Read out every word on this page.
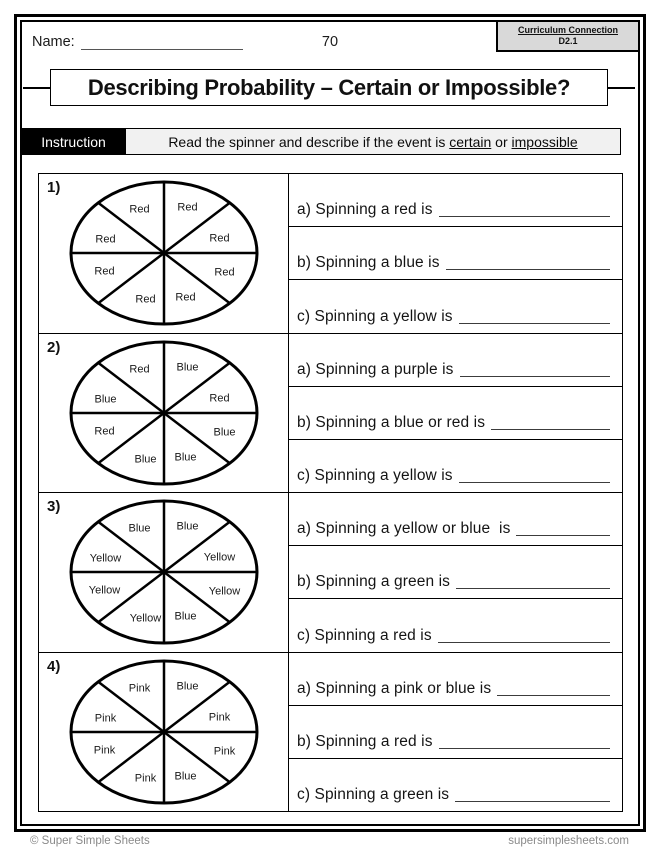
Name:	70
Curriculum Connection
D2.1
Describing Probability – Certain or Impossible?
Instruction	Read the spinner and describe if the event is certain or impossible
1)
Red	Red
Red	Red
Red	Red
Red Red
a) Spinning a red is
b) Spinning a blue is
c) Spinning a yellow is
2)
Red Blue
Blue	Red
Red	Blue
Blue Blue
a) Spinning a purple is
b) Spinning a blue or red is
c) Spinning a yellow is
3)
Blue Blue
Yellow	Yellow
Yellow	Yellow
Yellow Blue
a) Spinning a yellow or blue  is
b) Spinning a green is
c) Spinning a red is
4)
Pink Blue
Pink	Pink
Pink	Pink
Pink Blue
a) Spinning a pink or blue is
b) Spinning a red is
c) Spinning a green is
© Super Simple Sheets	supersimplesheets.com
